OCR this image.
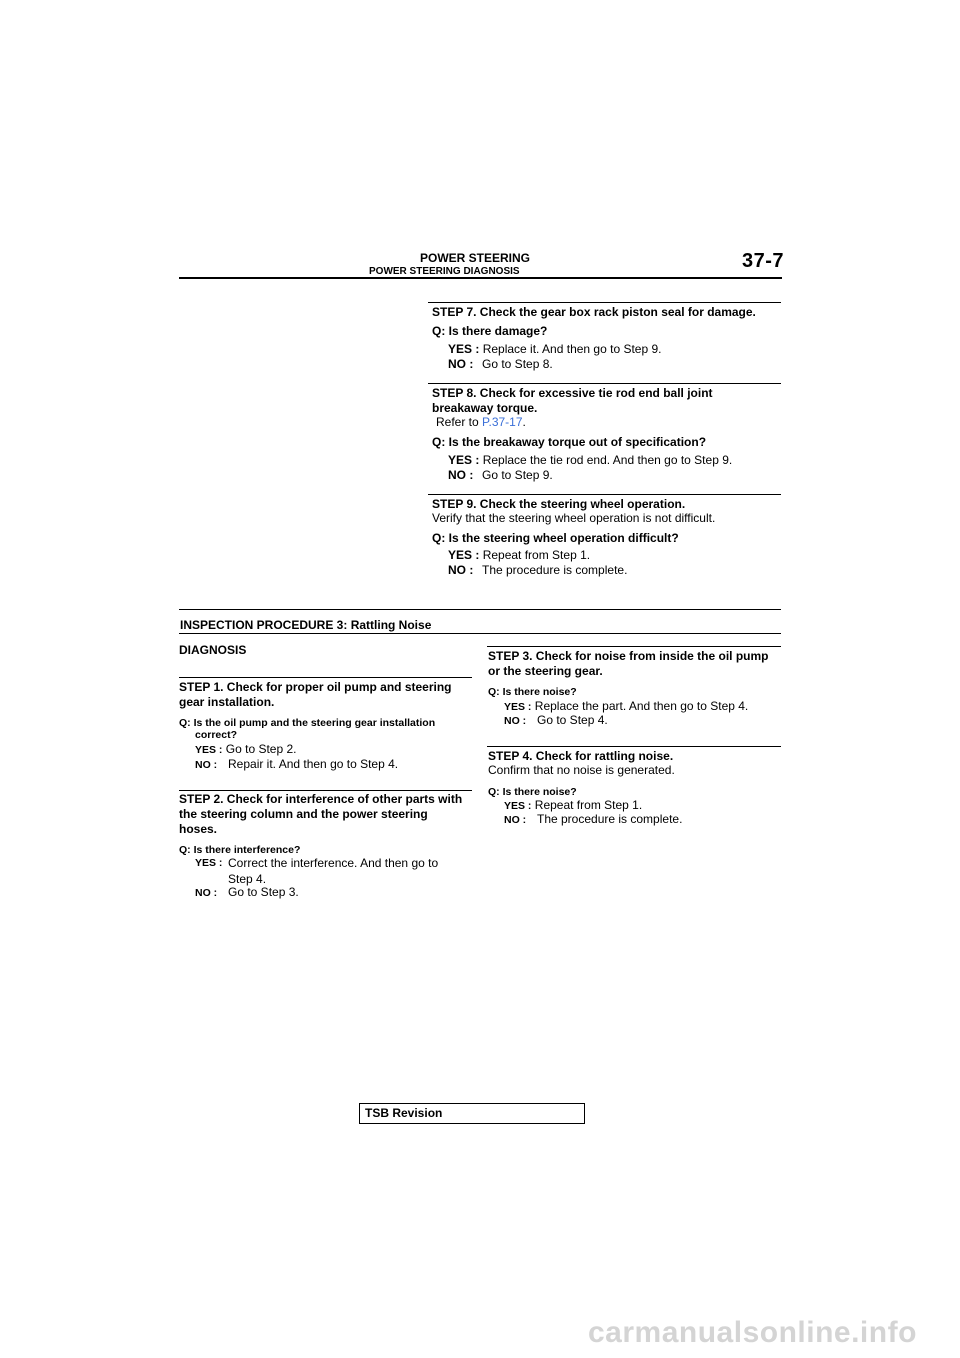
POWER STEERING
POWER STEERING DIAGNOSIS	37-7
STEP 7. Check the gear box rack piston seal for damage.
Q: Is there damage?
YES : Replace it. And then go to Step 9.
NO : Go to Step 8.
STEP 8. Check for excessive tie rod end ball joint
breakaway torque.
Refer to P.37-17.
Q: Is the breakaway torque out of specification?
YES : Replace the tie rod end. And then go to Step 9.
NO : Go to Step 9.
STEP 9. Check the steering wheel operation.
Verify that the steering wheel operation is not difficult.
Q: Is the steering wheel operation difficult?
YES : Repeat from Step 1.
NO : The procedure is complete.
INSPECTION PROCEDURE 3: Rattling Noise
DIAGNOSIS
STEP 1. Check for proper oil pump and steering
gear installation.
Q: Is the oil pump and the steering gear installation
correct?
YES : Go to Step 2.
NO : Repair it. And then go to Step 4.
STEP 2. Check for interference of other parts with
the steering column and the power steering
hoses.
Q: Is there interference?
YES : Correct the interference. And then go to
Step 4.
NO : Go to Step 3.
STEP 3. Check for noise from inside the oil pump
or the steering gear.
Q: Is there noise?
YES : Replace the part. And then go to Step 4.
NO : Go to Step 4.
STEP 4. Check for rattling noise.
Confirm that no noise is generated.
Q: Is there noise?
YES : Repeat from Step 1.
NO : The procedure is complete.
TSB Revision
carmanualsonline.info
